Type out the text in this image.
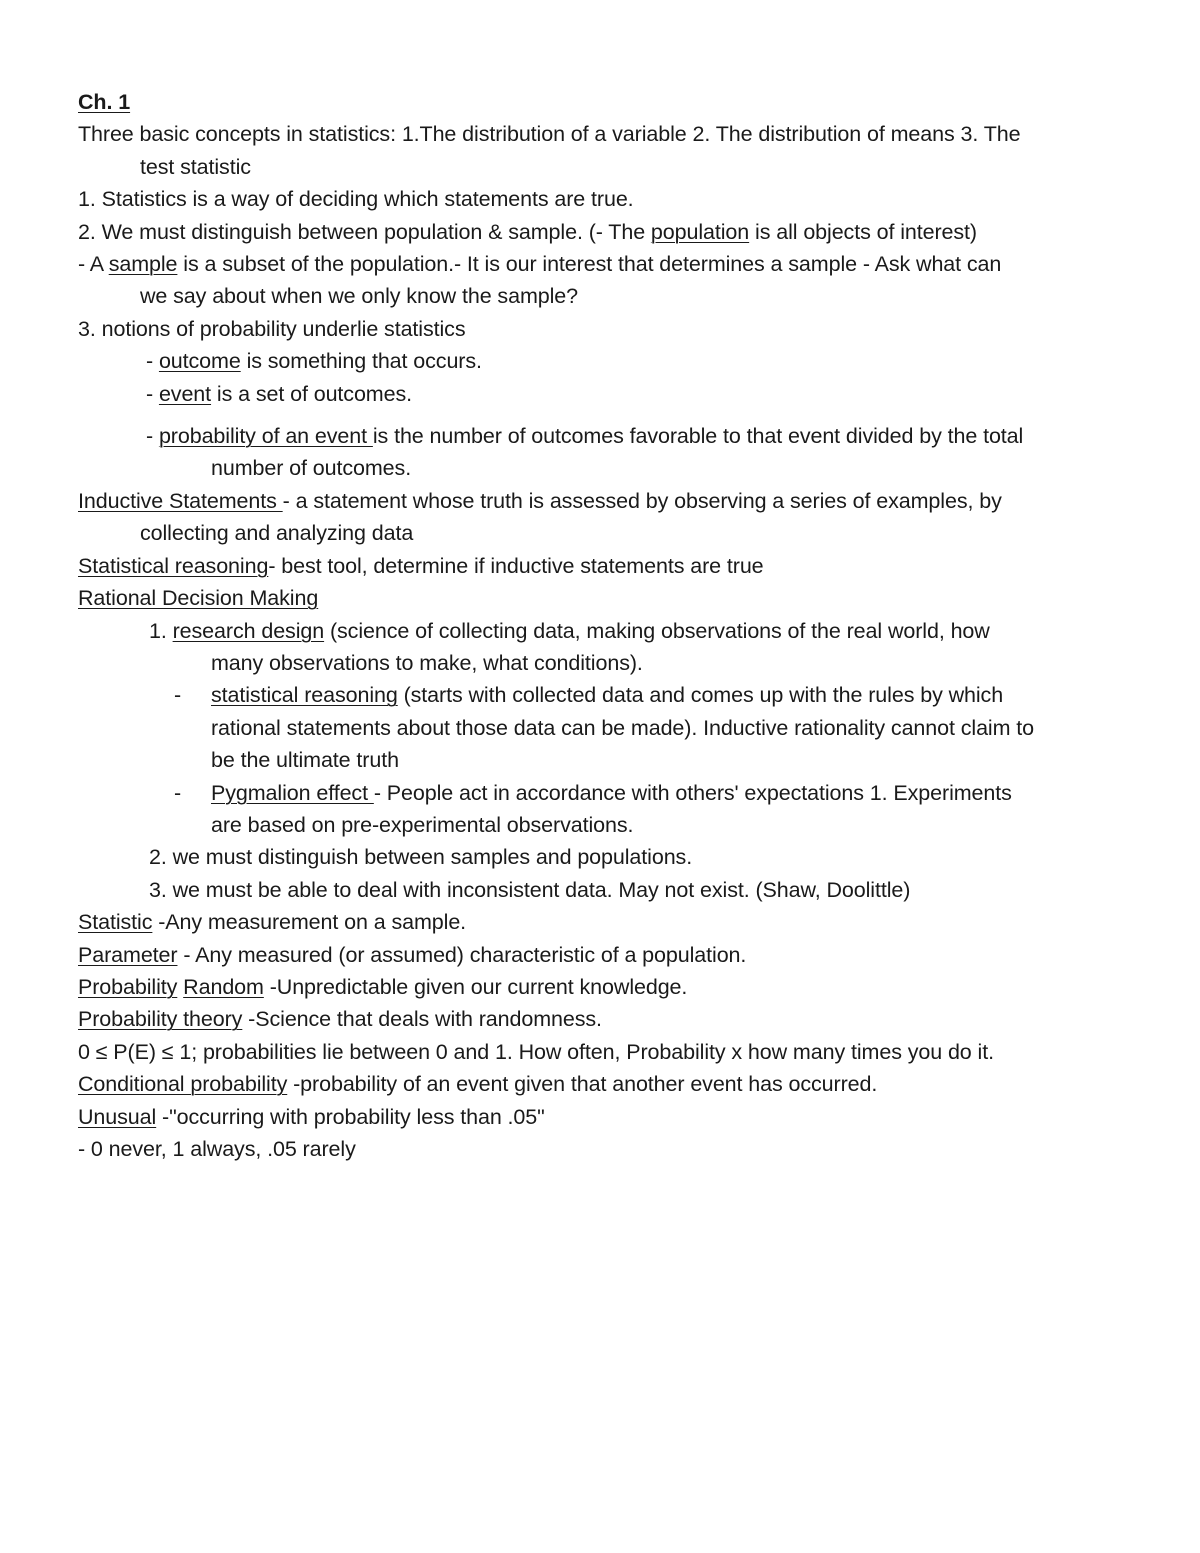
Ch. 1
Three basic concepts in statistics: 1.The distribution of a variable 2. The distribution of means 3. The
test statistic
1. Statistics is a way of deciding which statements are true.
2. We must distinguish between population & sample. (- The population is all objects of interest)
- A sample is a subset of the population.- It is our interest that determines a sample - Ask what can
we say about when we only know the sample?
3. notions of probability underlie statistics
- outcome is something that occurs.
- event is a set of outcomes.
- probability of an event is the number of outcomes favorable to that event divided by the total
number of outcomes.
Inductive Statements - a statement whose truth is assessed by observing a series of examples, by
collecting and analyzing data
Statistical reasoning- best tool, determine if inductive statements are true
Rational Decision Making
1. research design (science of collecting data, making observations of the real world, how
many observations to make, what conditions).
- statistical reasoning (starts with collected data and comes up with the rules by which
rational statements about those data can be made). Inductive rationality cannot claim to
be the ultimate truth
- Pygmalion effect - People act in accordance with others' expectations 1. Experiments
are based on pre-experimental observations.
2. we must distinguish between samples and populations.
3. we must be able to deal with inconsistent data. May not exist. (Shaw, Doolittle)
Statistic -Any measurement on a sample.
Parameter - Any measured (or assumed) characteristic of a population.
Probability Random -Unpredictable given our current knowledge.
Probability theory -Science that deals with randomness.
0 ≤ P(E) ≤ 1; probabilities lie between 0 and 1. How often, Probability x how many times you do it.
Conditional probability -probability of an event given that another event has occurred.
Unusual -"occurring with probability less than .05"
- 0 never, 1 always, .05 rarely
